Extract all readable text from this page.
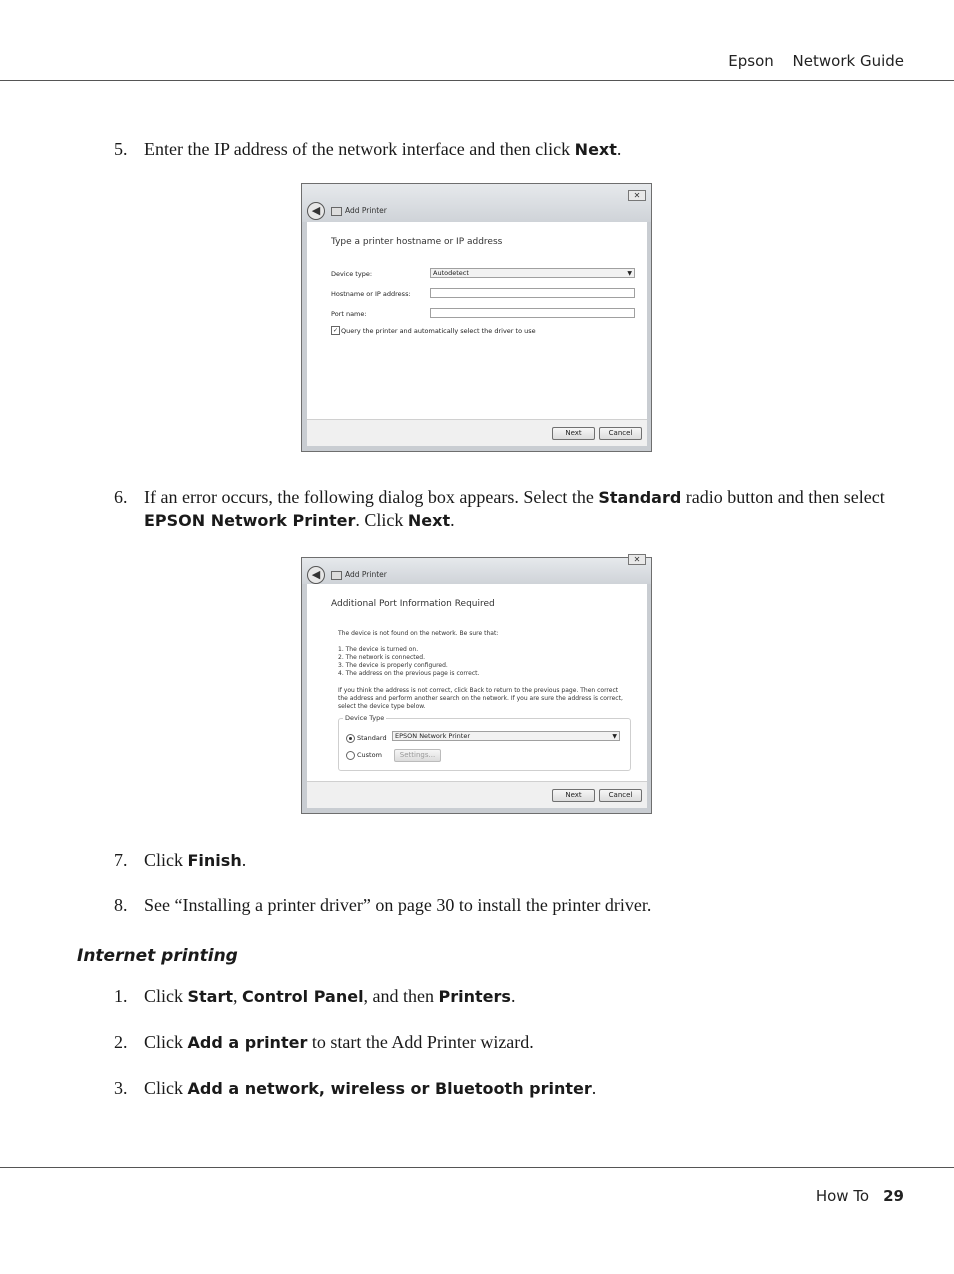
Epson Network Guide
5. Enter the IP address of the network interface and then click Next.
✕
◀	Add Printer
Type a printer hostname or IP address
Device type:	Autodetect	▼
Hostname or IP address:
Port name:
✓ Query the printer and automatically select the driver to use
Next	Cancel
6. If an error occurs, the following dialog box appears. Select the Standard radio button and then select EPSON Network Printer. Click Next.
✕
◀	Add Printer
Additional Port Information Required
The device is not found on the network. Be sure that:
1. The device is turned on.
2. The network is connected.
3. The device is properly configured.
4. The address on the previous page is correct.
If you think the address is not correct, click Back to return to the previous page. Then correct
the address and perform another search on the network. If you are sure the address is correct,
select the device type below.
Device Type
Standard	EPSON Network Printer	▼
Custom	Settings...
Next	Cancel
7. Click Finish.
8. See “Installing a printer driver” on page 30 to install the printer driver.
Internet printing
1. Click Start, Control Panel, and then Printers.
2. Click Add a printer to start the Add Printer wizard.
3. Click Add a network, wireless or Bluetooth printer.
How To 29
